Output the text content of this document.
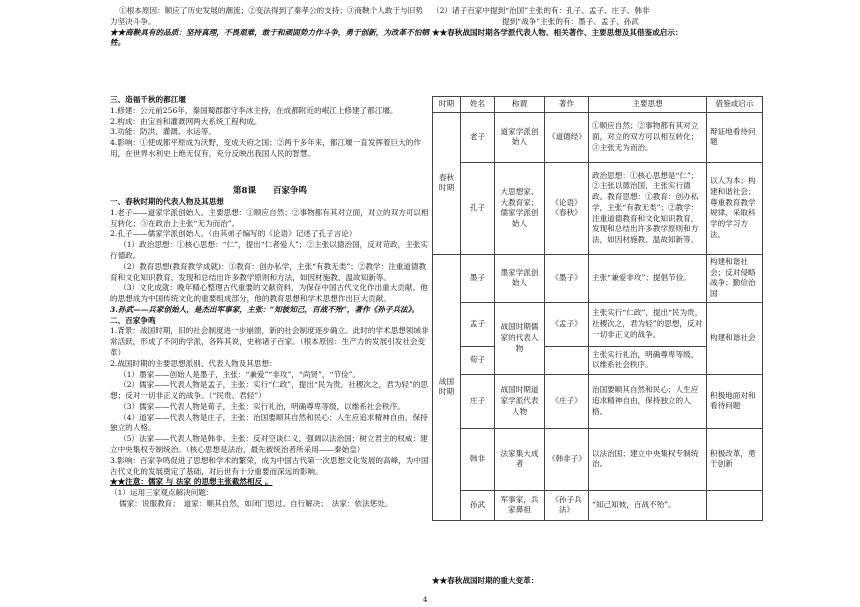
①根本原因：顺应了历史发展的潮流；②变法得到了秦孝公的支持；③商鞅个人敢于与旧势力坚决斗争。

★★商鞅具有的品质：坚持真理，不畏艰难，敢于和顽固势力作斗争，勇于创新，为改革不怕牺牲。

三、造福千秋的都江堰

1.修建：公元前256年，秦国蜀郡郡守李冰主持，在成都附近的岷江上修建了都江堰。

2.构成：由宝首和灌溉网两大系统工程构成。

3.功能：防洪、灌溉、水运等。

4.影响：①使成都平原成为沃野，变成天府之国；②两千多年来，都江堰一直发挥着巨大的作用，在世界水利史上绝无仅有，充分反映出我国人民的智慧。

第8课　　百家争鸣

一、春秋时期的代表人物及其思想

1.老子——道家学派创始人。主要思想：①顺应自然；②事物都有其对立面，对立的双方可以相互转化；③在政治上主张“无为而治”。

2.孔子——儒家学派创始人。（由其弟子编写的《论语》记述了孔子言论）

（1）政治思想：①核心思想：“仁”，提出“仁者爱人”；②主张以德治国，反对苛政，主张实行德政。

（2）教育思想(教育教学成就)：①教育：创办私学，主张“有教无类”；②教学：注重道德教育和文化知识教育。发现和总结出许多教学原则和方法，如因材施教、温故知新等。

（3）文化成就：晚年精心整理古代重要的文献资料，为保存中国古代文化作出重大贡献。他的思想成为中国传统文化的重要组成部分，他的教育思想和学术思想作出巨大贡献。

3.孙武——兵家创始人，是杰出军事家，主张：“知彼知己，百战不殆”，著作《孙子兵法》。

二、百家争鸣

1.背景：战国时期，旧的社会制度进一步崩溃，新的社会制度逐步确立。此时的学术思想领域非常活跃，形成了不同的学派，各阵其说，史称诸子百家。（根本原因：生产力的发展引发社会变革）

2.战国时期的主要思想派别、代表人物及其思想：

（1）墨家——创始人是墨子，主张：“兼爱”“非攻”，“尚贤”，“节俭”。

（2）儒家——代表人物是孟子，主张：实行“仁政”，提出“民为贵，社稷次之，君为轻”的思想；反对一切非正义的战争。（“民贵、君轻”）

（3）儒家——代表人物是荀子，主张：实行礼治，明确尊卑等级，以维系社会秩序。

（4）道家——代表人物是庄子，主张：治国要顺其自然和民心；人生应追求精神自由，保持独立的人格。

（5）法家——代表人物是韩非。主张：反对空谈仁义，强调以法治国；树立君主的权威；建立中央集权专制统治。（核心思想是法治，最先被统治者所采用——秦始皇）

3.影响：百家争鸣促进了思想和学术的繁荣，成为中国古代第一次思想文化发展的高峰，为中国古代文化的发展奠定了基础，对后世有十分重要而深远的影响。

★★注意：儒家 与 法家 的思想主张截然相反 。

（1）运用三家观点解决问题：

儒家：说服教育；　道家：顺其自然，如闭门思过、自行解决；　法家：依法惩处。

（2）诸子百家中提到“治国”主张的有：孔子、孟子、庄子、韩非

提到“战争”主张的有：墨子、孟子、孙武

★★春秋战国时期各学派代表人物、相关著作、主要思想及其借鉴或启示：

时期	姓名	称谓	著作	主要思想	借鉴或启示
春秋时期	老子	道家学派创始人	《道德经》	①顺应自然；②事物都有其对立面，对立的双方可以相互转化；③主张无为而治。	辩证地看待问题
	孔子	大思想家、大教育家；儒家学派创始人	《论语》《春秋》	政治思想：①核心思想是“仁”；②主张以德治国，主张实行德政。教育思想：①教育：创办私学，主张“有教无类”；②教学：注重道德教育和文化知识教育，发现和总结出许多教学原则和方法，如因材施教、温故知新等。	以人为本；构建和谐社会；尊重教育教学规律、采取科学的学习方法。
战国时期	墨子	墨家学派创始人	《墨子》	主张“兼爱非攻”；提倡节俭。	构建和谐社会；反对侵略战争；勤俭治国
	孟子	战国时期儒家的代表人物	《孟子》	主张实行“仁政”，提出“民为贵，社稷次之，君为轻”的思想，反对一切非正义的战争。	构建和谐社会
	荀子			主张实行礼治，明确尊卑等级，以维系社会秩序。	
	庄子	战国时期道家学派代表人物	《庄子》	治国要顺其自然和民心；人生应追求精神自由，保持独立的人格。	积极地面对和看待问题
	韩非	法家集大成者	《韩非子》	以法治国；建立中央集权专制统治。	积极改革，勇于创新
	孙武	军事家，兵家鼻祖	《孙子兵法》	“知己知彼，百战不殆”。	

★★春秋战国时期的重大变革：

4
